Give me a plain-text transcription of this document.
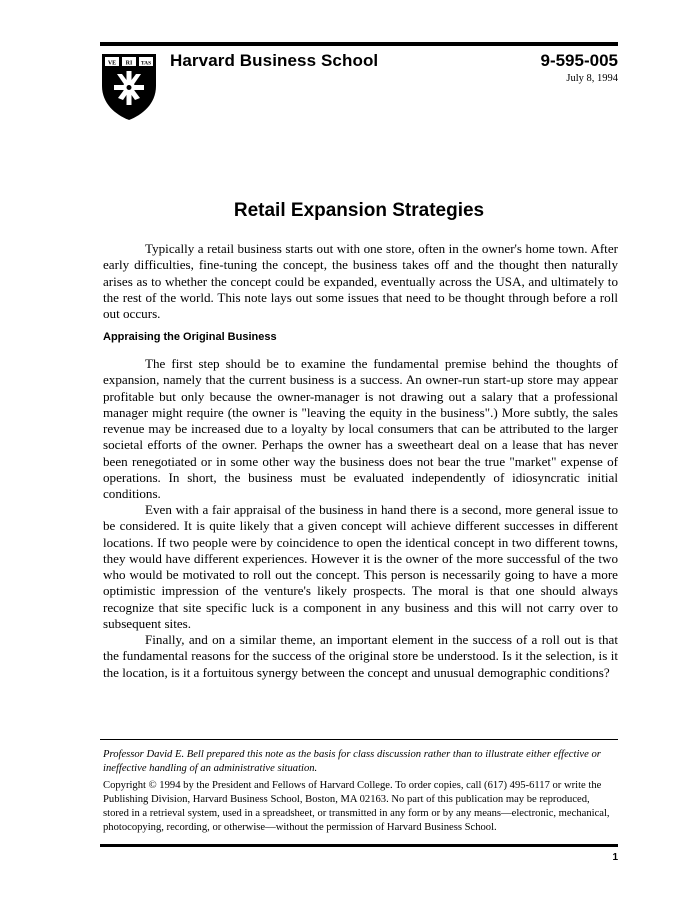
VE RI TAS Harvard Business School	9-595-005
July 8, 1994
Retail Expansion Strategies
Typically a retail business starts out with one store, often in the owner's home town. After early difficulties, fine-tuning the concept, the business takes off and the thought then naturally arises as to whether the concept could be expanded, eventually across the USA, and ultimately to the rest of the world. This note lays out some issues that need to be thought through before a roll out occurs.
Appraising the Original Business
The first step should be to examine the fundamental premise behind the thoughts of expansion, namely that the current business is a success. An owner-run start-up store may appear profitable but only because the owner-manager is not drawing out a salary that a professional manager might require (the owner is "leaving the equity in the business".) More subtly, the sales revenue may be increased due to a loyalty by local consumers that can be attributed to the larger societal efforts of the owner. Perhaps the owner has a sweetheart deal on a lease that has never been renegotiated or in some other way the business does not bear the true "market" expense of operations. In short, the business must be evaluated independently of idiosyncratic initial conditions.
Even with a fair appraisal of the business in hand there is a second, more general issue to be considered. It is quite likely that a given concept will achieve different successes in different locations. If two people were by coincidence to open the identical concept in two different towns, they would have different experiences. However it is the owner of the more successful of the two who would be motivated to roll out the concept. This person is necessarily going to have a more optimistic impression of the venture's likely prospects. The moral is that one should always recognize that site specific luck is a component in any business and this will not carry over to subsequent sites.
Finally, and on a similar theme, an important element in the success of a roll out is that the fundamental reasons for the success of the original store be understood. Is it the selection, is it the location, is it a fortuitous synergy between the concept and unusual demographic conditions?
Professor David E. Bell prepared this note as the basis for class discussion rather than to illustrate either effective or ineffective handling of an administrative situation.
Copyright © 1994 by the President and Fellows of Harvard College. To order copies, call (617) 495-6117 or write the Publishing Division, Harvard Business School, Boston, MA 02163. No part of this publication may be reproduced, stored in a retrieval system, used in a spreadsheet, or transmitted in any form or by any means—electronic, mechanical, photocopying, recording, or otherwise—without the permission of Harvard Business School.
1
